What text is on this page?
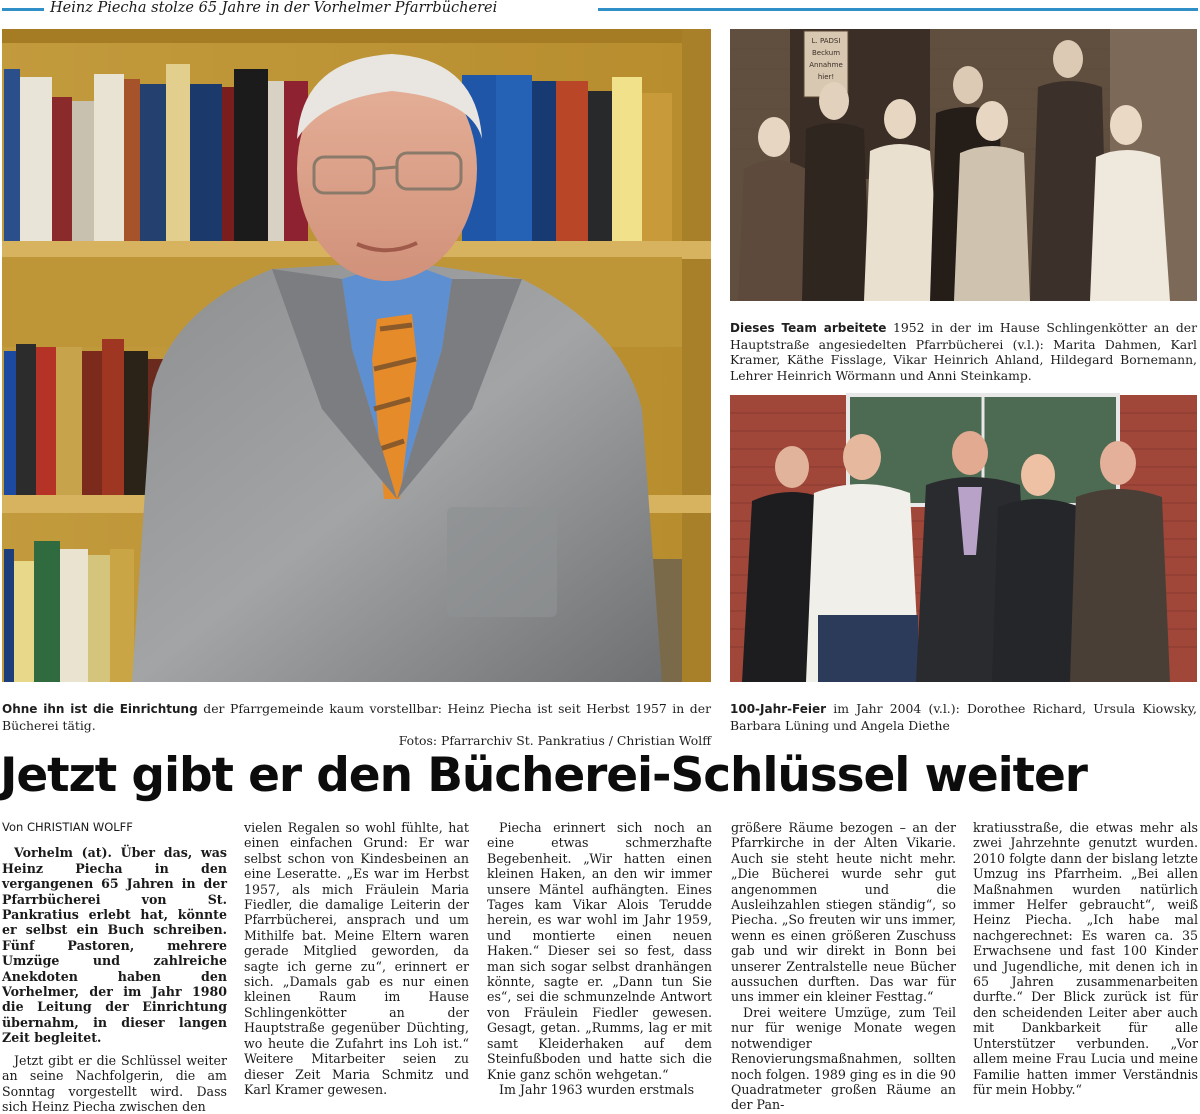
Heinz Piecha stolze 65 Jahre in der Vorhelmer Pfarrbücherei
L. PADSI
Beckum
Annahme
hier!
Dieses Team arbeitete 1952 in der im Hause Schlingenkötter an der Hauptstraße angesiedelten Pfarrbücherei (v.l.): Marita Dahmen, Karl Kramer, Käthe Fisslage, Vikar Heinrich Ahland, Hildegard Bornemann, Lehrer Heinrich Wörmann und Anni Steinkamp.
Ohne ihn ist die Einrichtung der Pfarrgemeinde kaum vorstellbar: Heinz Piecha ist seit Herbst 1957 in der Bücherei tätig.
Fotos: Pfarrarchiv St. Pankratius / Christian Wolff
100-Jahr-Feier im Jahr 2004 (v.l.): Dorothee Richard, Ursula Kiowsky, Barbara Lüning und Angela Diethe
Jetzt gibt er den Bücherei-Schlüssel weiter

Von CHRISTIAN WOLFF

Vorhelm (at). Über das, was Heinz Piecha in den vergangenen 65 Jahren in der Pfarrbücherei von St. Pankratius erlebt hat, könnte er selbst ein Buch schreiben. Fünf Pastoren, mehrere Umzüge und zahlreiche Anekdoten haben den Vorhelmer, der im Jahr 1980 die Leitung der Einrichtung übernahm, in dieser langen Zeit begleitet.

Jetzt gibt er die Schlüssel weiter an seine Nachfolgerin, die am Sonntag vorgestellt wird. Dass sich Heinz Piecha zwischen den

vielen Regalen so wohl fühlte, hat einen einfachen Grund: Er war selbst schon von Kindesbeinen an eine Leseratte. „Es war im Herbst 1957, als mich Fräulein Maria Fiedler, die damalige Leiterin der Pfarrbücherei, ansprach und um Mithilfe bat. Meine Eltern waren gerade Mitglied geworden, da sagte ich gerne zu“, erinnert er sich. „Damals gab es nur einen kleinen Raum im Hause Schlingenkötter an der Hauptstraße gegenüber Düchting, wo heute die Zufahrt ins Loh ist.“ Weitere Mitarbeiter seien zu dieser Zeit Maria Schmitz und Karl Kramer gewesen.

Piecha erinnert sich noch an eine etwas schmerzhafte Begebenheit. „Wir hatten einen kleinen Haken, an den wir immer unsere Mäntel aufhängten. Eines Tages kam Vikar Alois Terudde herein, es war wohl im Jahr 1959, und montierte einen neuen Haken.“ Dieser sei so fest, dass man sich sogar selbst dranhängen könnte, sagte er. „Dann tun Sie es“, sei die schmunzelnde Antwort von Fräulein Fiedler gewesen. Gesagt, getan. „Rumms, lag er mit samt Kleiderhaken auf dem Steinfußboden und hatte sich die Knie ganz schön wehgetan.“

Im Jahr 1963 wurden erstmals

größere Räume bezogen – an der Pfarrkirche in der Alten Vikarie. Auch sie steht heute nicht mehr. „Die Bücherei wurde sehr gut angenommen und die Ausleihzahlen stiegen ständig“, so Piecha. „So freuten wir uns immer, wenn es einen größeren Zuschuss gab und wir direkt in Bonn bei unserer Zentralstelle neue Bücher aussuchen durften. Das war für uns immer ein kleiner Festtag.“

Drei weitere Umzüge, zum Teil nur für wenige Monate wegen notwendiger Renovierungsmaßnahmen, sollten noch folgen. 1989 ging es in die 90 Quadratmeter großen Räume an der Pan-

kratiusstraße, die etwas mehr als zwei Jahrzehnte genutzt wurden. 2010 folgte dann der bislang letzte Umzug ins Pfarrheim. „Bei allen Maßnahmen wurden natürlich immer Helfer gebraucht“, weiß Heinz Piecha. „Ich habe mal nachgerechnet: Es waren ca. 35 Erwachsene und fast 100 Kinder und Jugendliche, mit denen ich in 65 Jahren zusammenarbeiten durfte.“ Der Blick zurück ist für den scheidenden Leiter aber auch mit Dankbarkeit für alle Unterstützer verbunden. „Vor allem meine Frau Lucia und meine Familie hatten immer Verständnis für mein Hobby.“
